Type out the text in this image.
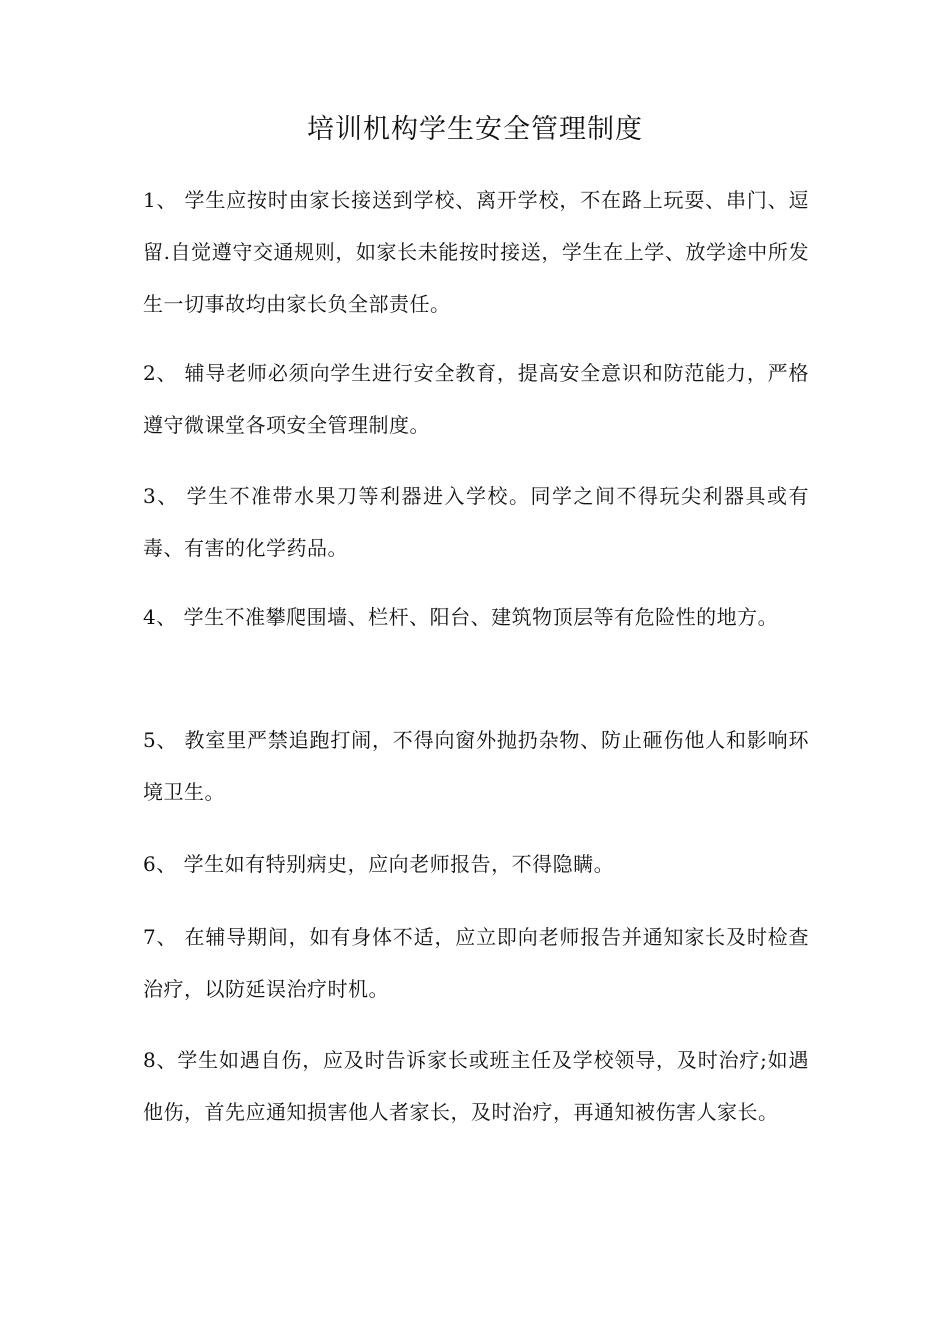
培训机构学生安全管理制度

1、 学生应按时由家长接送到学校、离开学校，不在路上玩耍、串门、逗留.自觉遵守交通规则，如家长未能按时接送，学生在上学、放学途中所发生一切事故均由家长负全部责任。

2、 辅导老师必须向学生进行安全教育，提高安全意识和防范能力，严格遵守微课堂各项安全管理制度。

3、 学生不准带水果刀等利器进入学校。同学之间不得玩尖利器具或有毒、有害的化学药品。

4、 学生不准攀爬围墙、栏杆、阳台、建筑物顶层等有危险性的地方。

5、 教室里严禁追跑打闹，不得向窗外抛扔杂物、防止砸伤他人和影响环境卫生。

6、 学生如有特别病史，应向老师报告，不得隐瞒。

7、 在辅导期间，如有身体不适，应立即向老师报告并通知家长及时检查治疗，以防延误治疗时机。

8、学生如遇自伤，应及时告诉家长或班主任及学校领导，及时治疗;如遇他伤，首先应通知损害他人者家长，及时治疗，再通知被伤害人家长。
